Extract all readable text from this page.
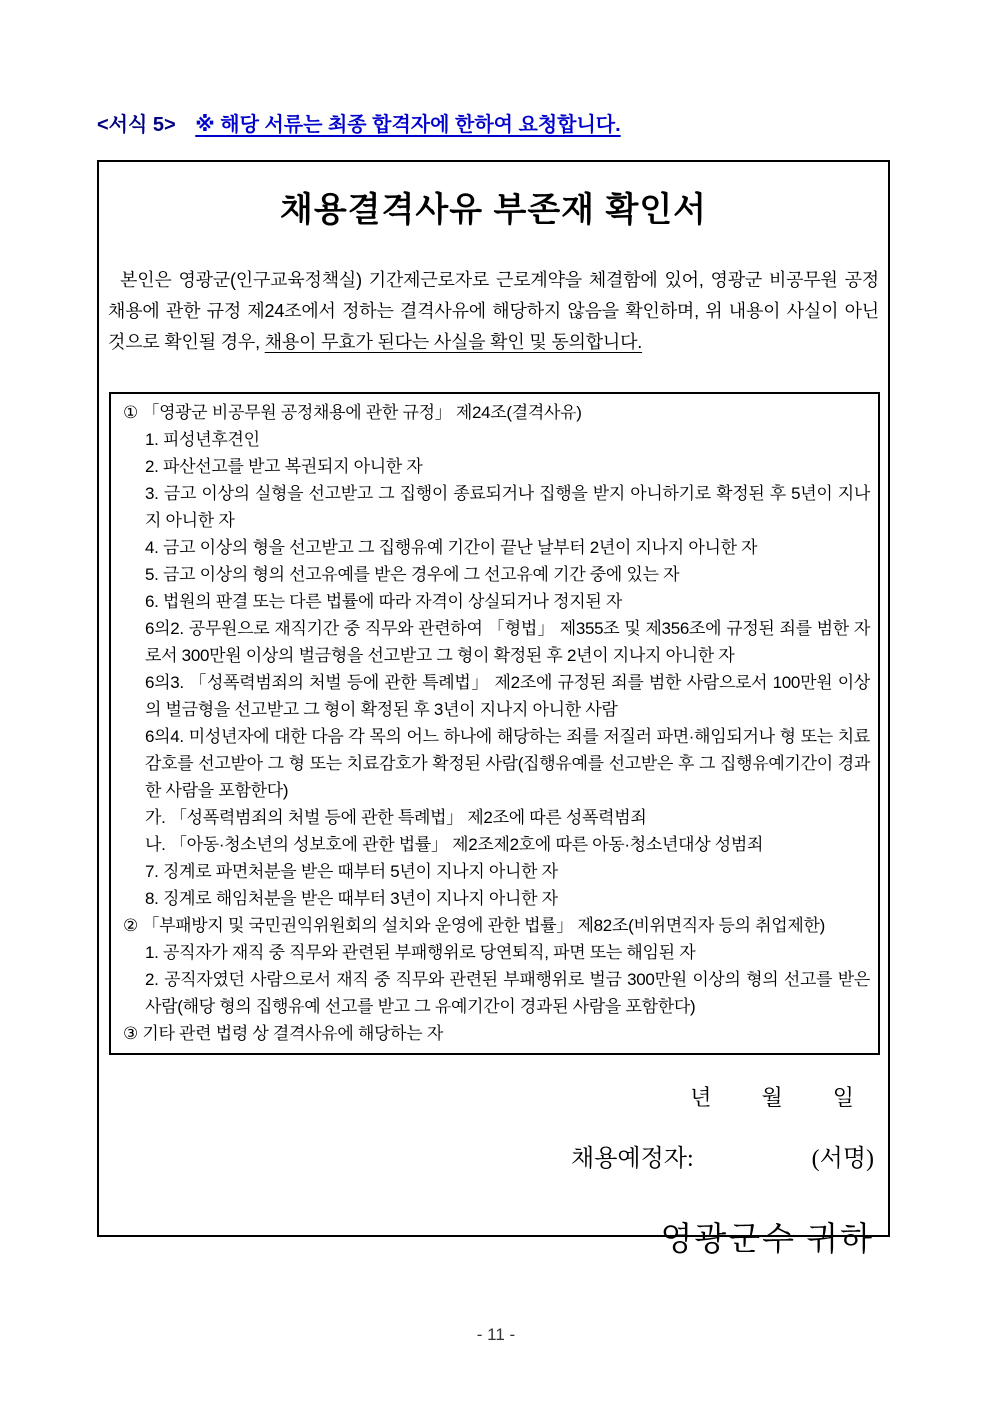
<서식 5> ※ 해당 서류는 최종 합격자에 한하여 요청합니다.
채용결격사유 부존재 확인서

본인은 영광군(인구교육정책실) 기간제근로자로 근로계약을 체결함에 있어, 영광군 비공무원 공정채용에 관한 규정 제24조에서 정하는 결격사유에 해당하지 않음을 확인하며, 위 내용이 사실이 아닌 것으로 확인될 경우, 채용이 무효가 된다는 사실을 확인 및 동의합니다.

① 「영광군 비공무원 공정채용에 관한 규정」 제24조(결격사유)
1. 피성년후견인
2. 파산선고를 받고 복권되지 아니한 자
3. 금고 이상의 실형을 선고받고 그 집행이 종료되거나 집행을 받지 아니하기로 확정된 후 5년이 지나지 아니한 자
4. 금고 이상의 형을 선고받고 그 집행유예 기간이 끝난 날부터 2년이 지나지 아니한 자
5. 금고 이상의 형의 선고유예를 받은 경우에 그 선고유예 기간 중에 있는 자
6. 법원의 판결 또는 다른 법률에 따라 자격이 상실되거나 정지된 자
6의2. 공무원으로 재직기간 중 직무와 관련하여 「형법」 제355조 및 제356조에 규정된 죄를 범한 자로서 300만원 이상의 벌금형을 선고받고 그 형이 확정된 후 2년이 지나지 아니한 자
6의3. 「성폭력범죄의 처벌 등에 관한 특례법」 제2조에 규정된 죄를 범한 사람으로서 100만원 이상의 벌금형을 선고받고 그 형이 확정된 후 3년이 지나지 아니한 사람
6의4. 미성년자에 대한 다음 각 목의 어느 하나에 해당하는 죄를 저질러 파면·해임되거나 형 또는 치료감호를 선고받아 그 형 또는 치료감호가 확정된 사람(집행유예를 선고받은 후 그 집행유예기간이 경과한 사람을 포함한다)
가. 「성폭력범죄의 처벌 등에 관한 특례법」 제2조에 따른 성폭력범죄
나. 「아동·청소년의 성보호에 관한 법률」 제2조제2호에 따른 아동·청소년대상 성범죄
7. 징계로 파면처분을 받은 때부터 5년이 지나지 아니한 자
8. 징계로 해임처분을 받은 때부터 3년이 지나지 아니한 자
② 「부패방지 및 국민권익위원회의 설치와 운영에 관한 법률」 제82조(비위면직자 등의 취업제한)
1. 공직자가 재직 중 직무와 관련된 부패행위로 당연퇴직, 파면 또는 해임된 자
2. 공직자였던 사람으로서 재직 중 직무와 관련된 부패행위로 벌금 300만원 이상의 형의 선고를 받은 사람(해당 형의 집행유예 선고를 받고 그 유예기간이 경과된 사람을 포함한다)
③ 기타 관련 법령 상 결격사유에 해당하는 자
년 월 일
채용예정자:	(서명)
영광군수 귀하
- 11 -
